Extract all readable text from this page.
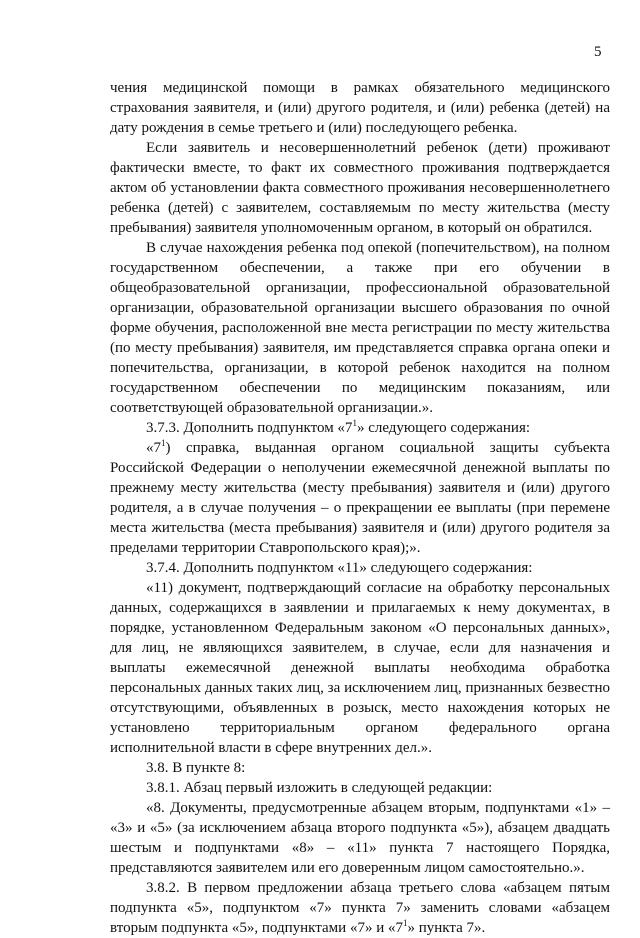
5

чения медицинской помощи в рамках обязательного медицинского страхования заявителя, и (или) другого родителя, и (или) ребенка (детей) на дату рождения в семье третьего и (или) последующего ребенка.

Если заявитель и несовершеннолетний ребенок (дети) проживают фактически вместе, то факт их совместного проживания подтверждается актом об установлении факта совместного проживания несовершеннолетнего ребенка (детей) с заявителем, составляемым по месту жительства (месту пребывания) заявителя уполномоченным органом, в который он обратился.

В случае нахождения ребенка под опекой (попечительством), на полном государственном обеспечении, а также при его обучении в общеобразовательной организации, профессиональной образовательной организации, образовательной организации высшего образования по очной форме обучения, расположенной вне места регистрации по месту жительства (по месту пребывания) заявителя, им представляется справка органа опеки и попечительства, организации, в которой ребенок находится на полном государственном обеспечении по медицинским показаниям, или соответствующей образовательной организации.».

3.7.3. Дополнить подпунктом «$7^1$» следующего содержания:

«$7^1$) справка, выданная органом социальной защиты субъекта Российской Федерации о неполучении ежемесячной денежной выплаты по прежнему месту жительства (месту пребывания) заявителя и (или) другого родителя, а в случае получения – о прекращении ее выплаты (при перемене места жительства (места пребывания) заявителя и (или) другого родителя за пределами территории Ставропольского края);».

3.7.4. Дополнить подпунктом «11» следующего содержания:

«11) документ, подтверждающий согласие на обработку персональных данных, содержащихся в заявлении и прилагаемых к нему документах, в порядке, установленном Федеральным законом «О персональных данных», для лиц, не являющихся заявителем, в случае, если для назначения и выплаты ежемесячной денежной выплаты необходима обработка персональных данных таких лиц, за исключением лиц, признанных безвестно отсутствующими, объявленных в розыск, место нахождения которых не установлено территориальным органом федерального органа исполнительной власти в сфере внутренних дел.».

3.8. В пункте 8:

3.8.1. Абзац первый изложить в следующей редакции:

«8. Документы, предусмотренные абзацем вторым, подпунктами «1» – «3» и «5» (за исключением абзаца второго подпункта «5»), абзацем двадцать шестым и подпунктами «8» – «11» пункта 7 настоящего Порядка, представляются заявителем или его доверенным лицом самостоятельно.».

3.8.2. В первом предложении абзаца третьего слова «абзацем пятым подпункта «5», подпунктом «7» пункта 7» заменить словами «абзацем вторым подпункта «5», подпунктами «7» и «$7^1$» пункта 7».
